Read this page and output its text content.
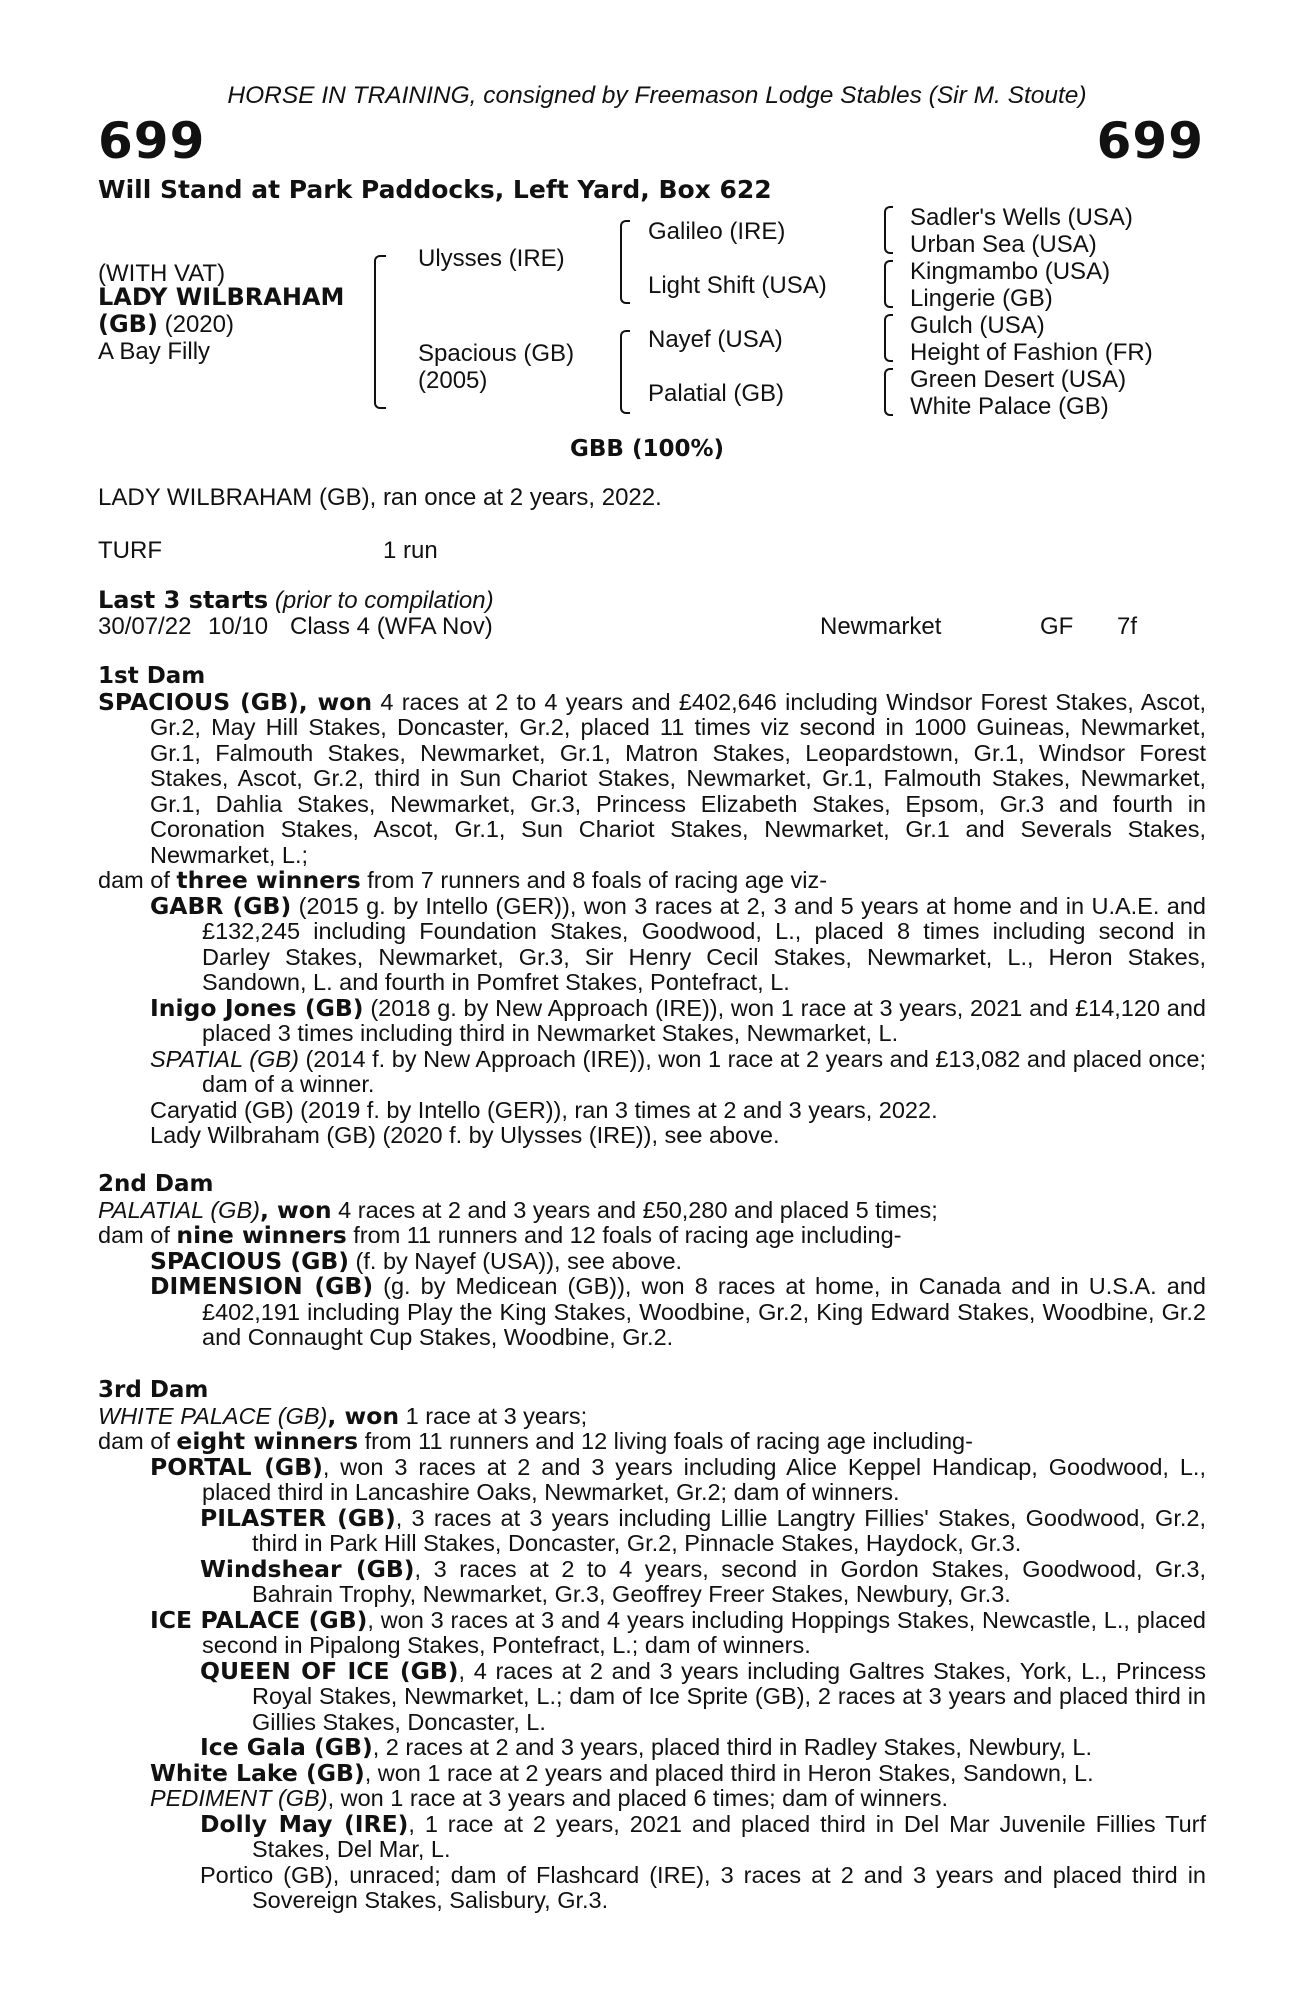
HORSE IN TRAINING, consigned by Freemason Lodge Stables (Sir M. Stoute)
699	699
Will Stand at Park Paddocks, Left Yard, Box 622
(WITH VAT)
LADY WILBRAHAM
(GB) (2020)
A Bay Filly
Ulysses (IRE)
Spacious (GB)
(2005)
Galileo (IRE)
Light Shift (USA)
Nayef (USA)
Palatial (GB)
Sadler's Wells (USA)
Urban Sea (USA)
Kingmambo (USA)
Lingerie (GB)
Gulch (USA)
Height of Fashion (FR)
Green Desert (USA)
White Palace (GB)
GBB (100%)
LADY WILBRAHAM (GB), ran once at 2 years, 2022.
TURF	1 run
Last 3 starts (prior to compilation)
30/07/22 10/10 Class 4 (WFA Nov)	Newmarket	GF 7f
1st Dam

SPACIOUS (GB), won 4 races at 2 to 4 years and £402,646 including Windsor Forest Stakes, Ascot, Gr.2, May Hill Stakes, Doncaster, Gr.2, placed 11 times viz second in 1000 Guineas, Newmarket, Gr.1, Falmouth Stakes, Newmarket, Gr.1, Matron Stakes, Leopardstown, Gr.1, Windsor Forest Stakes, Ascot, Gr.2, third in Sun Chariot Stakes, Newmarket, Gr.1, Falmouth Stakes, Newmarket, Gr.1, Dahlia Stakes, Newmarket, Gr.3, Princess Elizabeth Stakes, Epsom, Gr.3 and fourth in Coronation Stakes, Ascot, Gr.1, Sun Chariot Stakes, Newmarket, Gr.1 and Severals Stakes, Newmarket, L.;

dam of three winners from 7 runners and 8 foals of racing age viz-

GABR (GB) (2015 g. by Intello (GER)), won 3 races at 2, 3 and 5 years at home and in U.A.E. and £132,245 including Foundation Stakes, Goodwood, L., placed 8 times including second in Darley Stakes, Newmarket, Gr.3, Sir Henry Cecil Stakes, Newmarket, L., Heron Stakes, Sandown, L. and fourth in Pomfret Stakes, Pontefract, L.

Inigo Jones (GB) (2018 g. by New Approach (IRE)), won 1 race at 3 years, 2021 and £14,120 and placed 3 times including third in Newmarket Stakes, Newmarket, L.

SPATIAL (GB) (2014 f. by New Approach (IRE)), won 1 race at 2 years and £13,082 and placed once; dam of a winner.

Caryatid (GB) (2019 f. by Intello (GER)), ran 3 times at 2 and 3 years, 2022.

Lady Wilbraham (GB) (2020 f. by Ulysses (IRE)), see above.

2nd Dam

PALATIAL (GB), won 4 races at 2 and 3 years and £50,280 and placed 5 times;

dam of nine winners from 11 runners and 12 foals of racing age including-

SPACIOUS (GB) (f. by Nayef (USA)), see above.

DIMENSION (GB) (g. by Medicean (GB)), won 8 races at home, in Canada and in U.S.A. and £402,191 including Play the King Stakes, Woodbine, Gr.2, King Edward Stakes, Woodbine, Gr.2 and Connaught Cup Stakes, Woodbine, Gr.2.

3rd Dam

WHITE PALACE (GB), won 1 race at 3 years;

dam of eight winners from 11 runners and 12 living foals of racing age including-

PORTAL (GB), won 3 races at 2 and 3 years including Alice Keppel Handicap, Goodwood, L., placed third in Lancashire Oaks, Newmarket, Gr.2; dam of winners.

PILASTER (GB), 3 races at 3 years including Lillie Langtry Fillies' Stakes, Goodwood, Gr.2, third in Park Hill Stakes, Doncaster, Gr.2, Pinnacle Stakes, Haydock, Gr.3.

Windshear (GB), 3 races at 2 to 4 years, second in Gordon Stakes, Goodwood, Gr.3, Bahrain Trophy, Newmarket, Gr.3, Geoffrey Freer Stakes, Newbury, Gr.3.

ICE PALACE (GB), won 3 races at 3 and 4 years including Hoppings Stakes, Newcastle, L., placed second in Pipalong Stakes, Pontefract, L.; dam of winners.

QUEEN OF ICE (GB), 4 races at 2 and 3 years including Galtres Stakes, York, L., Princess Royal Stakes, Newmarket, L.; dam of Ice Sprite (GB), 2 races at 3 years and placed third in Gillies Stakes, Doncaster, L.

Ice Gala (GB), 2 races at 2 and 3 years, placed third in Radley Stakes, Newbury, L.

White Lake (GB), won 1 race at 2 years and placed third in Heron Stakes, Sandown, L.

PEDIMENT (GB), won 1 race at 3 years and placed 6 times; dam of winners.

Dolly May (IRE), 1 race at 2 years, 2021 and placed third in Del Mar Juvenile Fillies Turf Stakes, Del Mar, L.

Portico (GB), unraced; dam of Flashcard (IRE), 3 races at 2 and 3 years and placed third in Sovereign Stakes, Salisbury, Gr.3.
